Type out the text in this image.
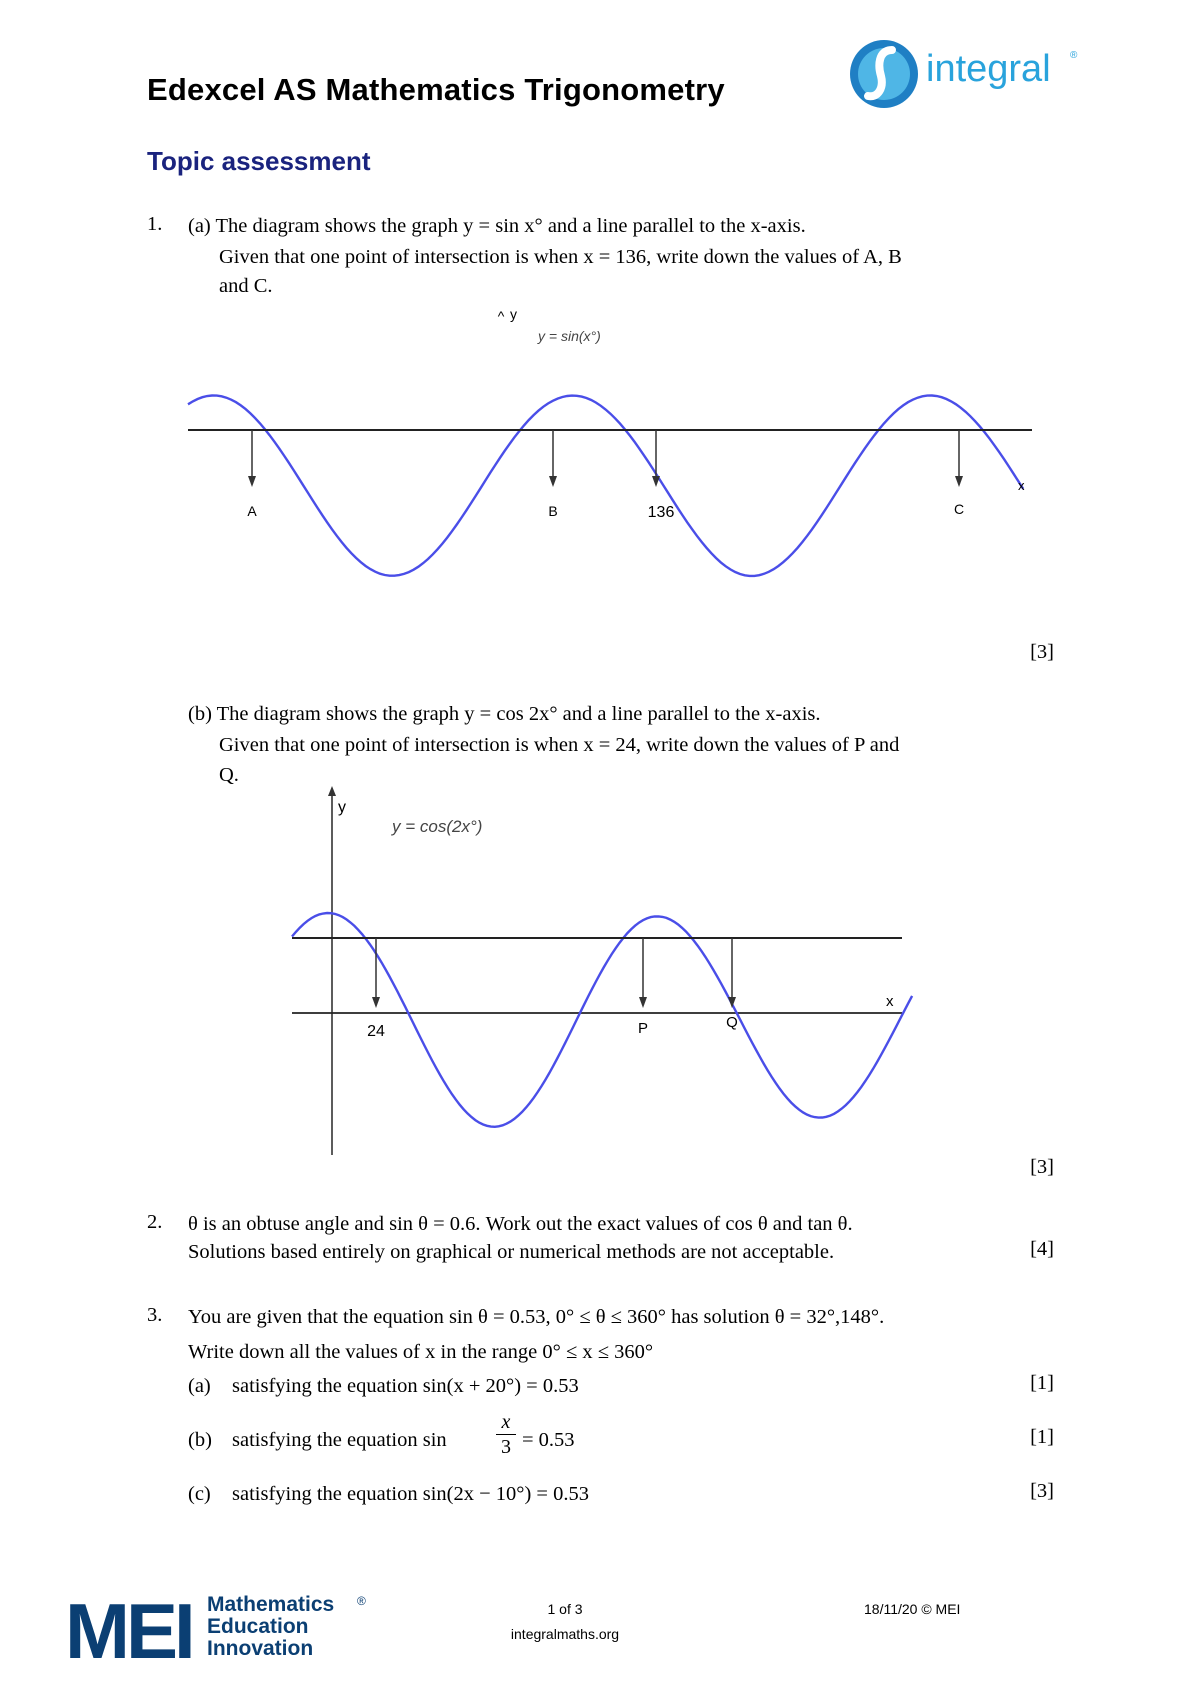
Edexcel AS Mathematics Trigonometry	integral ®
Topic assessment
1. (a) The diagram shows the graph y = sin x° and a line parallel to the x-axis.
Given that one point of intersection is when x = 136, write down the values of A, B
and C.
^ y
y = sin(x°)
A	B	136	C
x
[3]
(b) The diagram shows the graph y = cos 2x° and a line parallel to the x-axis.
Given that one point of intersection is when x = 24, write down the values of P and
Q.
y
y = cos(2x°)
x
24	P	Q
[3]
2. θ is an obtuse angle and sin θ = 0.6. Work out the exact values of cos θ and tan θ.
Solutions based entirely on graphical or numerical methods are not acceptable.	[4]
3. You are given that the equation sin θ = 0.53, 0° ≤ θ ≤ 360° has solution θ = 32°,148°.
Write down all the values of x in the range 0° ≤ x ≤ 360°
(a) satisfying the equation sin(x + 20°) = 0.53	[1]
(b) satisfying the equation $\sin \frac{x}{3} = 0.53$	[1]
(c) satisfying the equation sin(2x − 10°) = 0.53	[3]
MEI Mathematics
Education
Innovation
®	1 of 3
integralmaths.org
18/11/20 © MEI
